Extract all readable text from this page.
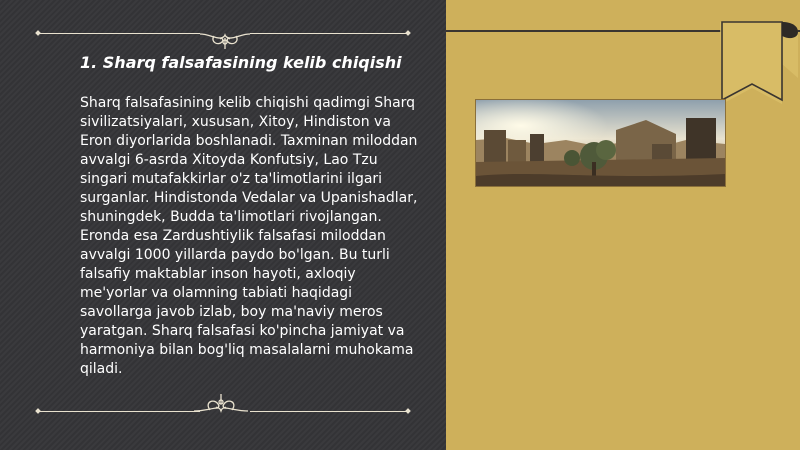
1. Sharq falsafasining kelib chiqishi
Sharq falsafasining kelib chiqishi qadimgi Sharq sivilizatsiyalari, xususan, Xitoy, Hindiston va Eron diyorlarida boshlanadi. Taxminan miloddan avvalgi 6-asrda Xitoyda Konfutsiy, Lao Tzu singari mutafakkirlar o'z ta'limotlarini ilgari surganlar. Hindistonda Vedalar va Upanishadlar, shuningdek, Budda ta'limotlari rivojlangan. Eronda esa Zardushtiylik falsafasi miloddan avvalgi 1000 yillarda paydo bo'lgan. Bu turli falsafiy maktablar inson hayoti, axloqiy me'yorlar va olamning tabiati haqidagi savollarga javob izlab, boy ma'naviy meros yaratgan. Sharq falsafasi ko'pincha jamiyat va harmoniya bilan bog'liq masalalarni muhokama qiladi.
